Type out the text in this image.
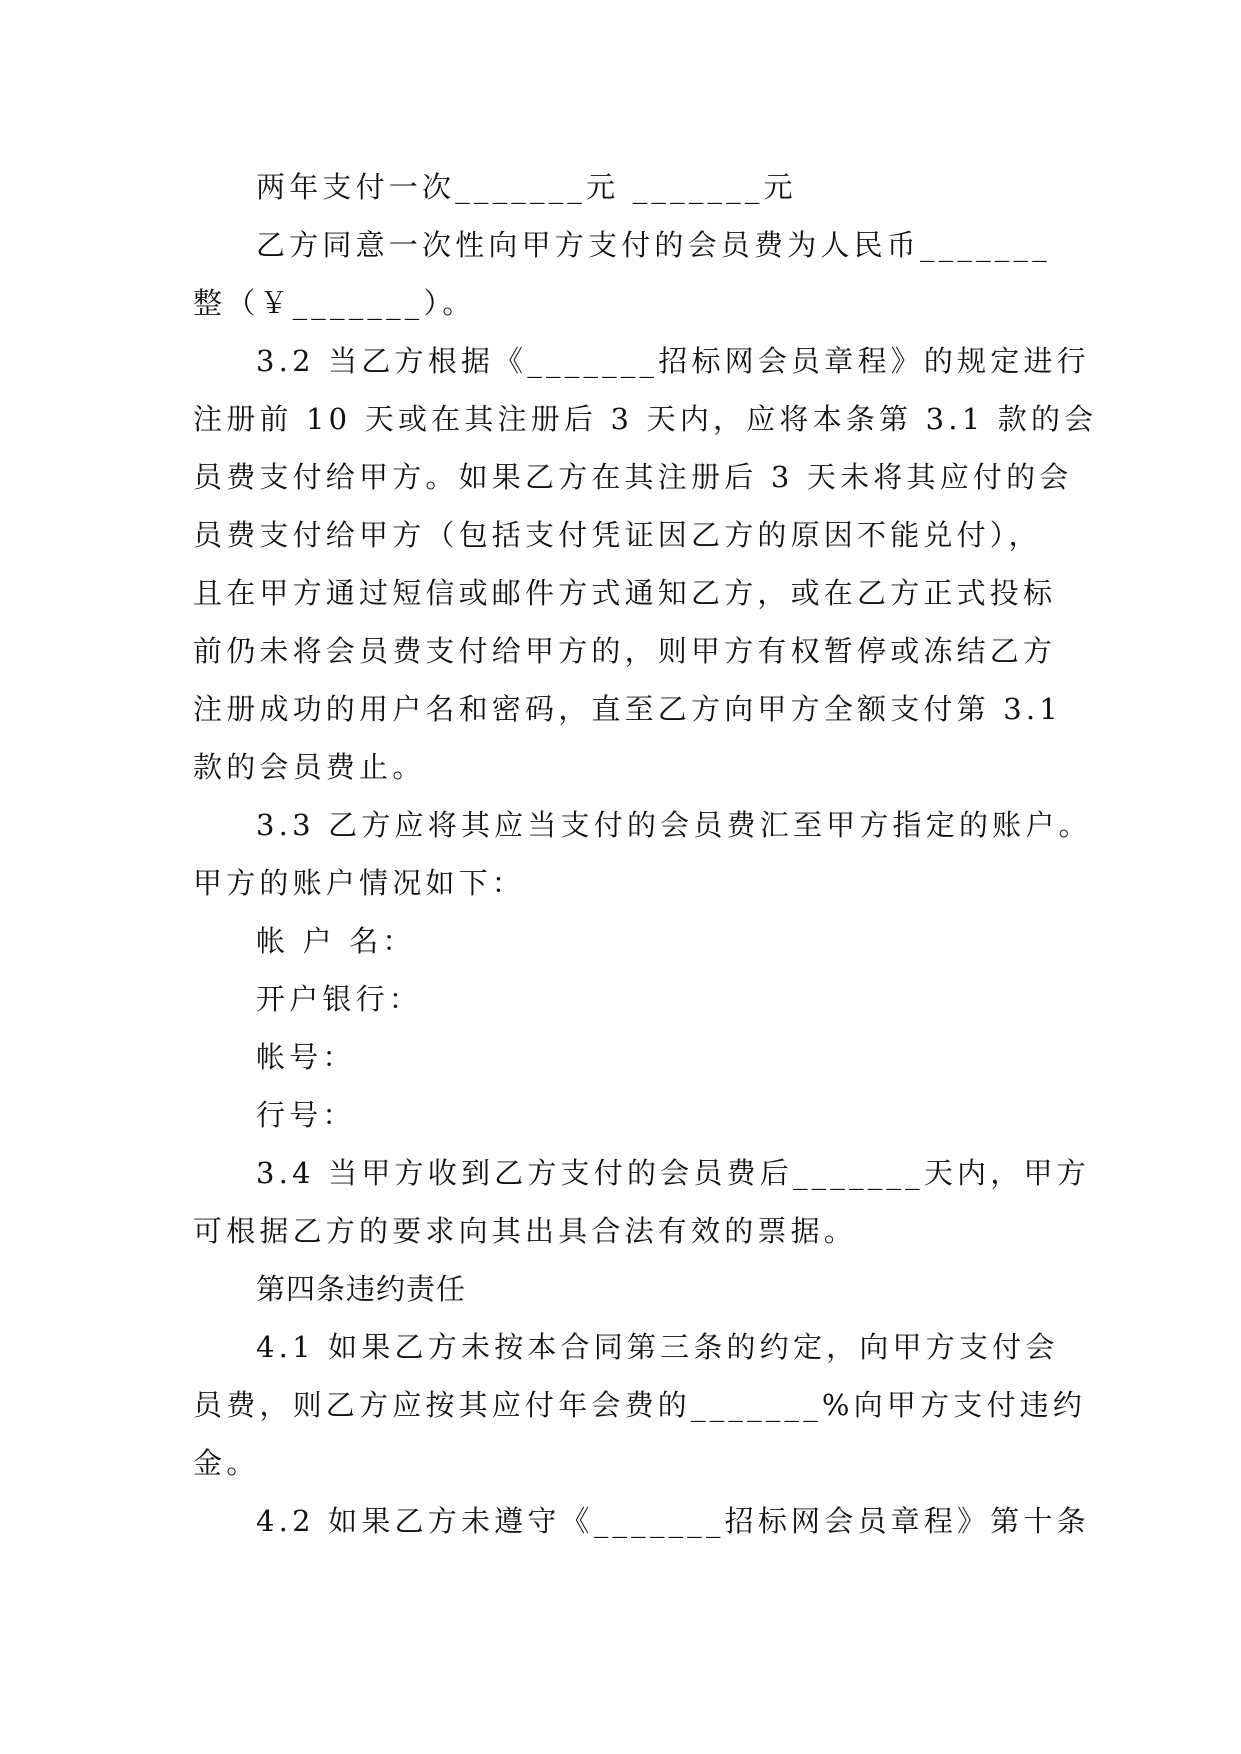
两年支付一次_______元 _______元

乙方同意一次性向甲方支付的会员费为人民币_______

整（￥_______）。

3.2 当乙方根据《_______招标网会员章程》的规定进行

注册前 10 天或在其注册后 3 天内，应将本条第 3.1 款的会

员费支付给甲方。如果乙方在其注册后 3 天未将其应付的会

员费支付给甲方（包括支付凭证因乙方的原因不能兑付），

且在甲方通过短信或邮件方式通知乙方，或在乙方正式投标

前仍未将会员费支付给甲方的，则甲方有权暂停或冻结乙方

注册成功的用户名和密码，直至乙方向甲方全额支付第 3.1

款的会员费止。

3.3 乙方应将其应当支付的会员费汇至甲方指定的账户。

甲方的账户情况如下：

帐 户 名：

开户银行：

帐号：

行号：

3.4 当甲方收到乙方支付的会员费后_______天内，甲方

可根据乙方的要求向其出具合法有效的票据。

第四条违约责任

4.1 如果乙方未按本合同第三条的约定，向甲方支付会

员费，则乙方应按其应付年会费的_______%向甲方支付违约

金。

4.2 如果乙方未遵守《_______招标网会员章程》第十条
